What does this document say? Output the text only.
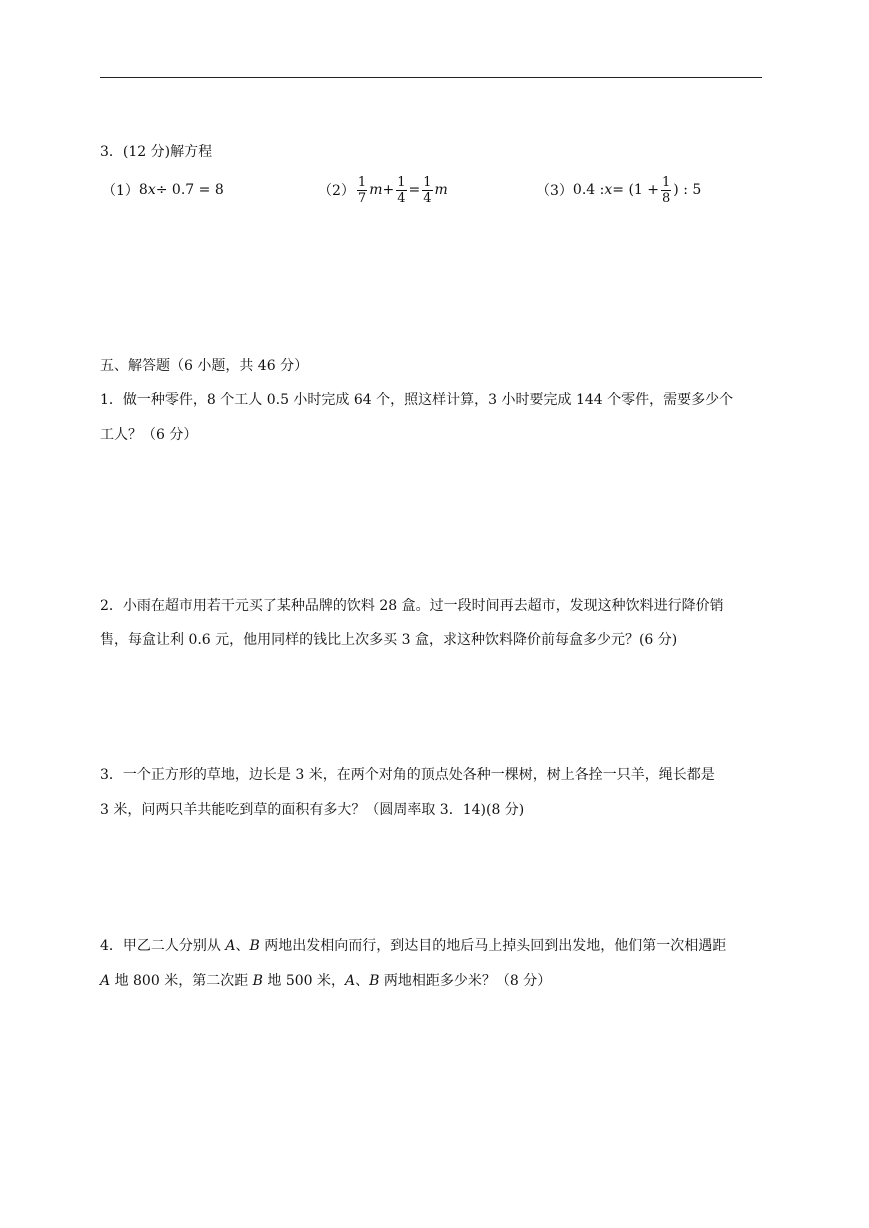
3．(12 分)解方程
（1） 8 x ÷ 0.7 = 8	$(2) \frac{1}{7}$ $m + \frac{1}{4} = \frac{1}{4}$ m	（3） 0.4 : $x = (1 + \frac{1}{8}$ ) : 5
五、解答题（6 小题，共 46 分）
1．做一种零件，8 个工人 0.5 小时完成 64 个，照这样计算，3 小时要完成 144 个零件，需要多少个
工人？（6 分）
2．小雨在超市用若干元买了某种品牌的饮料 28 盒。过一段时间再去超市，发现这种饮料进行降价销
售，每盒让利 0.6 元，他用同样的钱比上次多买 3 盒，求这种饮料降价前每盒多少元？(6 分)
3．一个正方形的草地，边长是 3 米，在两个对角的顶点处各种一棵树，树上各拴一只羊，绳长都是
3 米，问两只羊共能吃到草的面积有多大？（圆周率取 3．14)(8 分)
4．甲乙二人分别从 A、B 两地出发相向而行，到达目的地后马上掉头回到出发地，他们第一次相遇距
A 地 800 米，第二次距 B 地 500 米，A、B 两地相距多少米？（8 分）
